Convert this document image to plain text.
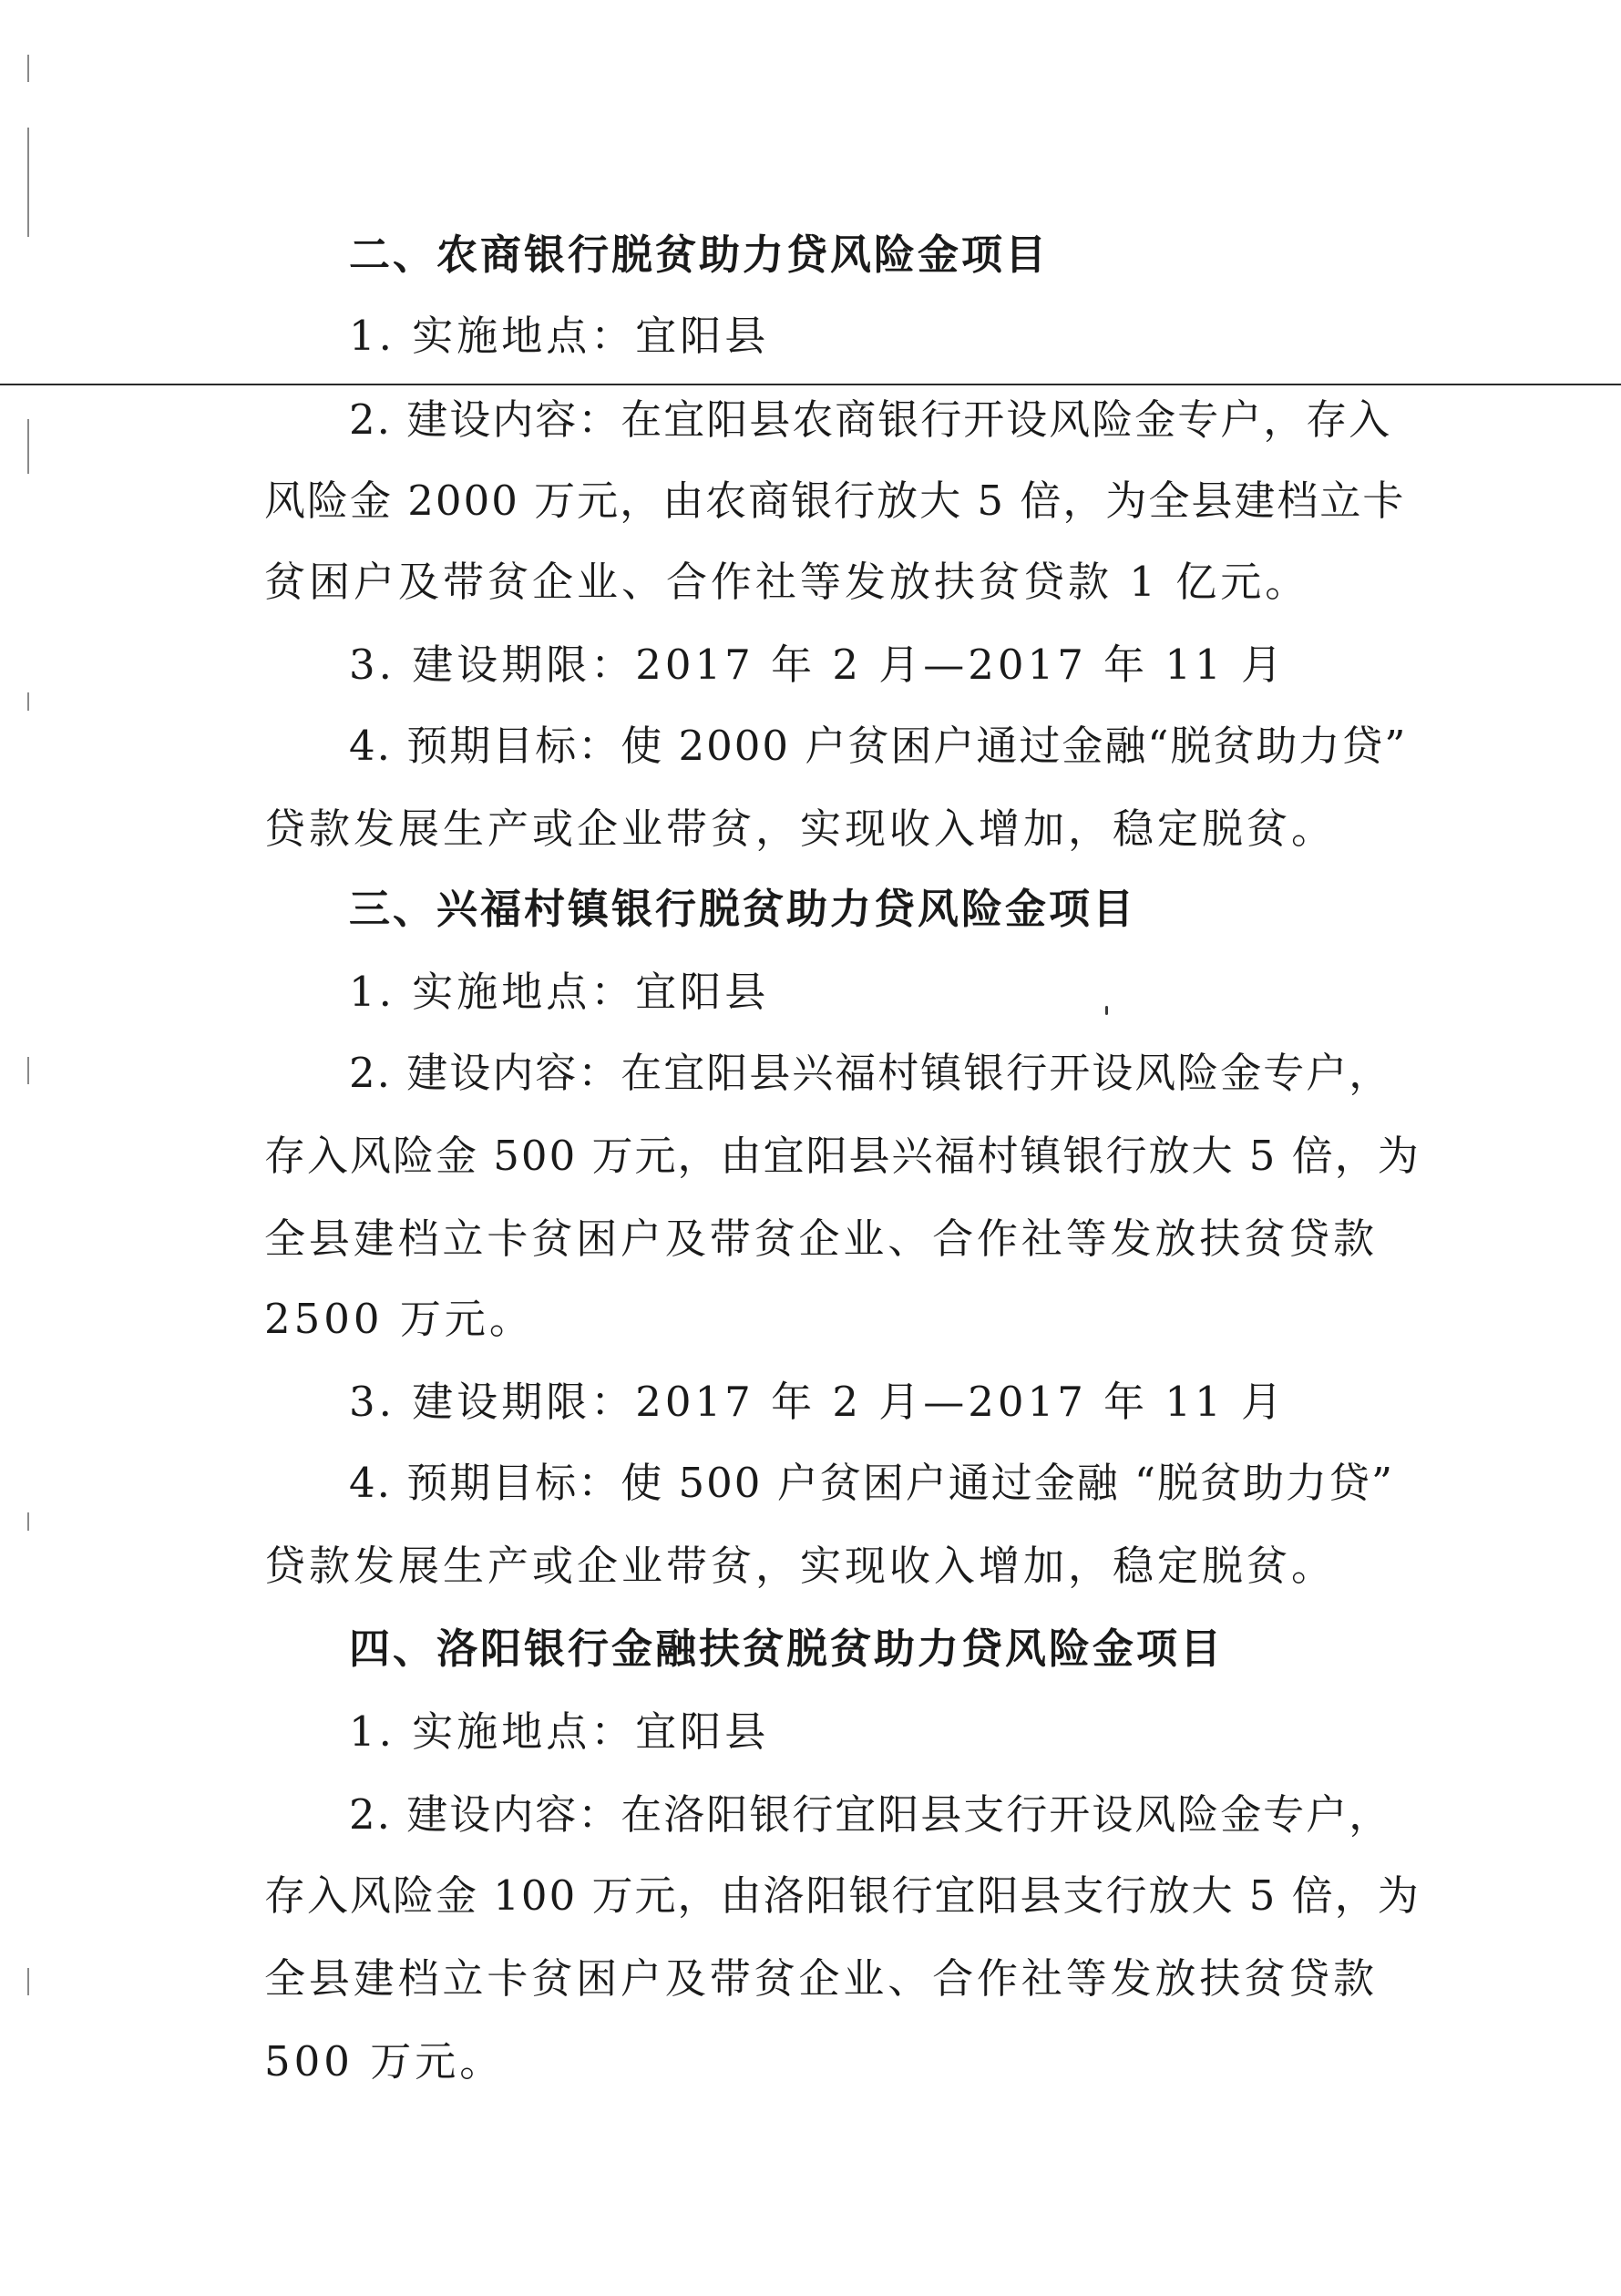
二、农商银行脱贫助力贷风险金项目
1. 实施地点：宜阳县
2. 建设内容：在宜阳县农商银行开设风险金专户，存入
风险金 2000 万元，由农商银行放大 5 倍，为全县建档立卡
贫困户及带贫企业、合作社等发放扶贫贷款 1 亿元。
3. 建设期限：2017 年 2 月—2017 年 11 月
4. 预期目标：使 2000 户贫困户通过金融“脱贫助力贷”
贷款发展生产或企业带贫，实现收入增加，稳定脱贫。
三、兴福村镇银行脱贫助力贷风险金项目
1. 实施地点：宜阳县
2. 建设内容：在宜阳县兴福村镇银行开设风险金专户，
存入风险金 500 万元，由宜阳县兴福村镇银行放大 5 倍，为
全县建档立卡贫困户及带贫企业、合作社等发放扶贫贷款
2500 万元。
3. 建设期限：2017 年 2 月—2017 年 11 月
4. 预期目标：使 500 户贫困户通过金融 “脱贫助力贷”
贷款发展生产或企业带贫，实现收入增加，稳定脱贫。
四、洛阳银行金融扶贫脱贫助力贷风险金项目
1. 实施地点：宜阳县
2. 建设内容：在洛阳银行宜阳县支行开设风险金专户，
存入风险金 100 万元，由洛阳银行宜阳县支行放大 5 倍，为
全县建档立卡贫困户及带贫企业、合作社等发放扶贫贷款
500 万元。
